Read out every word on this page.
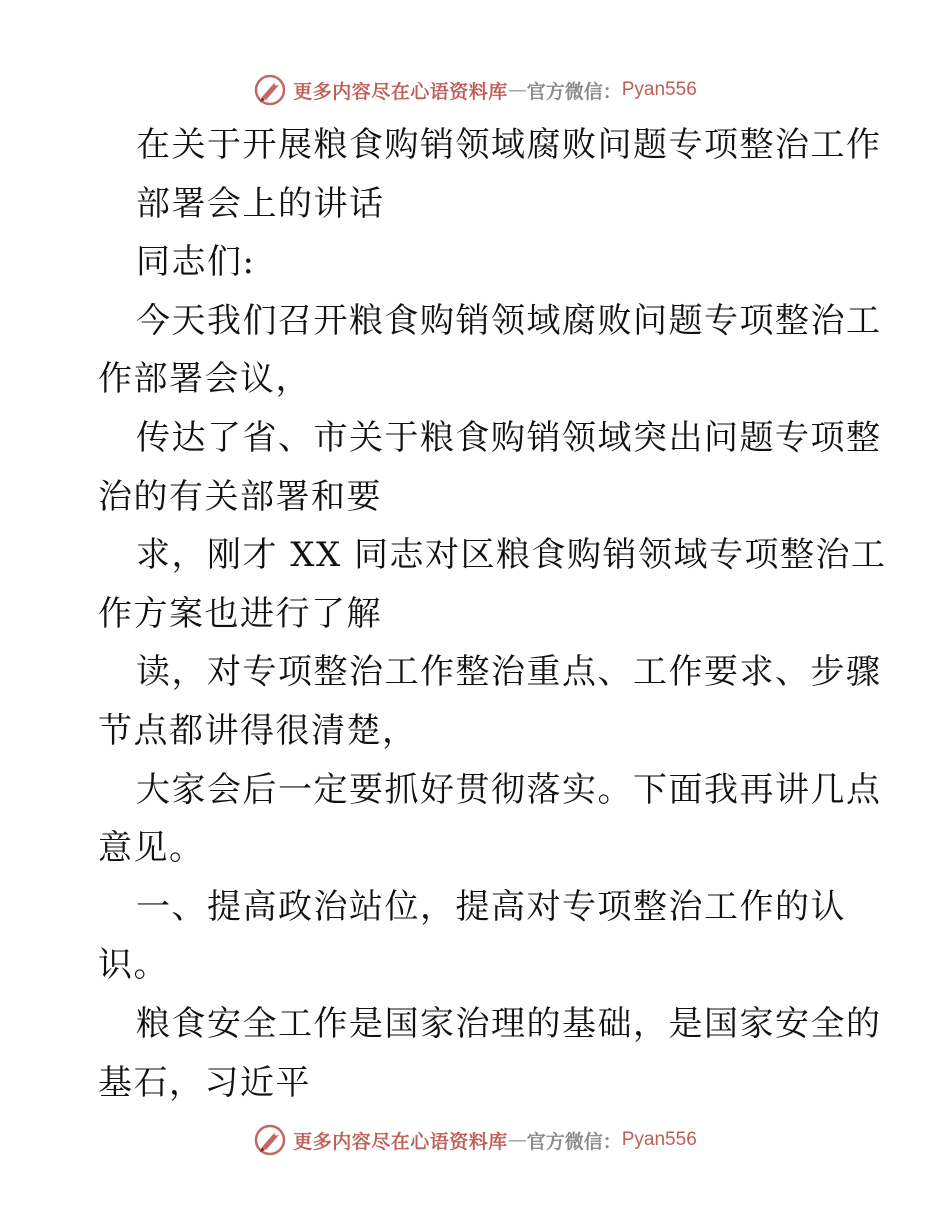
更多内容尽在心语资料库 — 官方微信： Pyan556
在关于开展粮食购销领域腐败问题专项整治工作
部署会上的讲话
同志们:
今天我们召开粮食购销领域腐败问题专项整治工
作部署会议，
传达了省、市关于粮食购销领域突出问题专项整
治的有关部署和要
求，刚才 XX 同志对区粮食购销领域专项整治工
作方案也进行了解
读，对专项整治工作整治重点、工作要求、步骤
节点都讲得很清楚，
大家会后一定要抓好贯彻落实。下面我再讲几点
意见。
一、提高政治站位，提高对专项整治工作的认
识。
粮食安全工作是国家治理的基础，是国家安全的
基石，习近平
更多内容尽在心语资料库 — 官方微信： Pyan556
